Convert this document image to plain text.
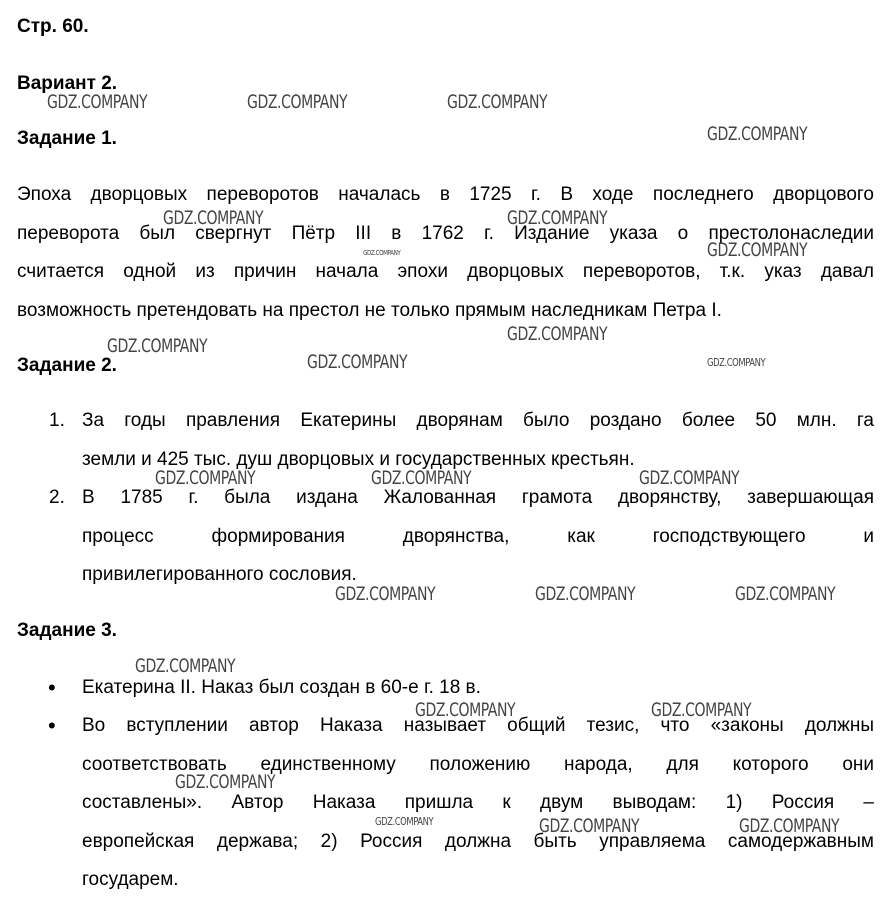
Стр. 60.
Вариант 2.
Задание 1.
Эпоха дворцовых переворотов началась в 1725 г. В ходе последнего дворцового
переворота был свергнут Пётр III в 1762 г. Издание указа о престолонаследии
считается одной из причин начала эпохи дворцовых переворотов, т.к. указ давал
возможность претендовать на престол не только прямым наследникам Петра I.
Задание 2.
1. За годы правления Екатерины дворянам было роздано более 50 млн. га
земли и 425 тыс. душ дворцовых и государственных крестьян.
2. В 1785 г. была издана Жалованная грамота дворянству, завершающая
процесс формирования дворянства, как господствующего и
привилегированного сословия.
Задание 3.
• Екатерина II. Наказ был создан в 60-е г. 18 в.
• Во вступлении автор Наказа называет общий тезис, что «законы должны
соответствовать единственному положению народа, для которого они
составлены». Автор Наказа пришла к двум выводам: 1) Россия –
европейская держава; 2) Россия должна быть управляема самодержавным
государем.
GDZ.COMPANY	GDZ.COMPANY	GDZ.COMPANY
GDZ.COMPANY
GDZ.COMPANY	GDZ.COMPANY
GDZ.COMPANY
GDZ.COMPANY
GDZ.COMPANY
GDZ.COMPANY
GDZ.COMPANY	GDZ.COMPANY
GDZ.COMPANY	GDZ.COMPANY	GDZ.COMPANY
GDZ.COMPANY	GDZ.COMPANY	GDZ.COMPANY
GDZ.COMPANY
GDZ.COMPANY	GDZ.COMPANY
GDZ.COMPANY
GDZ.COMPANY	GDZ.COMPANY	GDZ.COMPANY
